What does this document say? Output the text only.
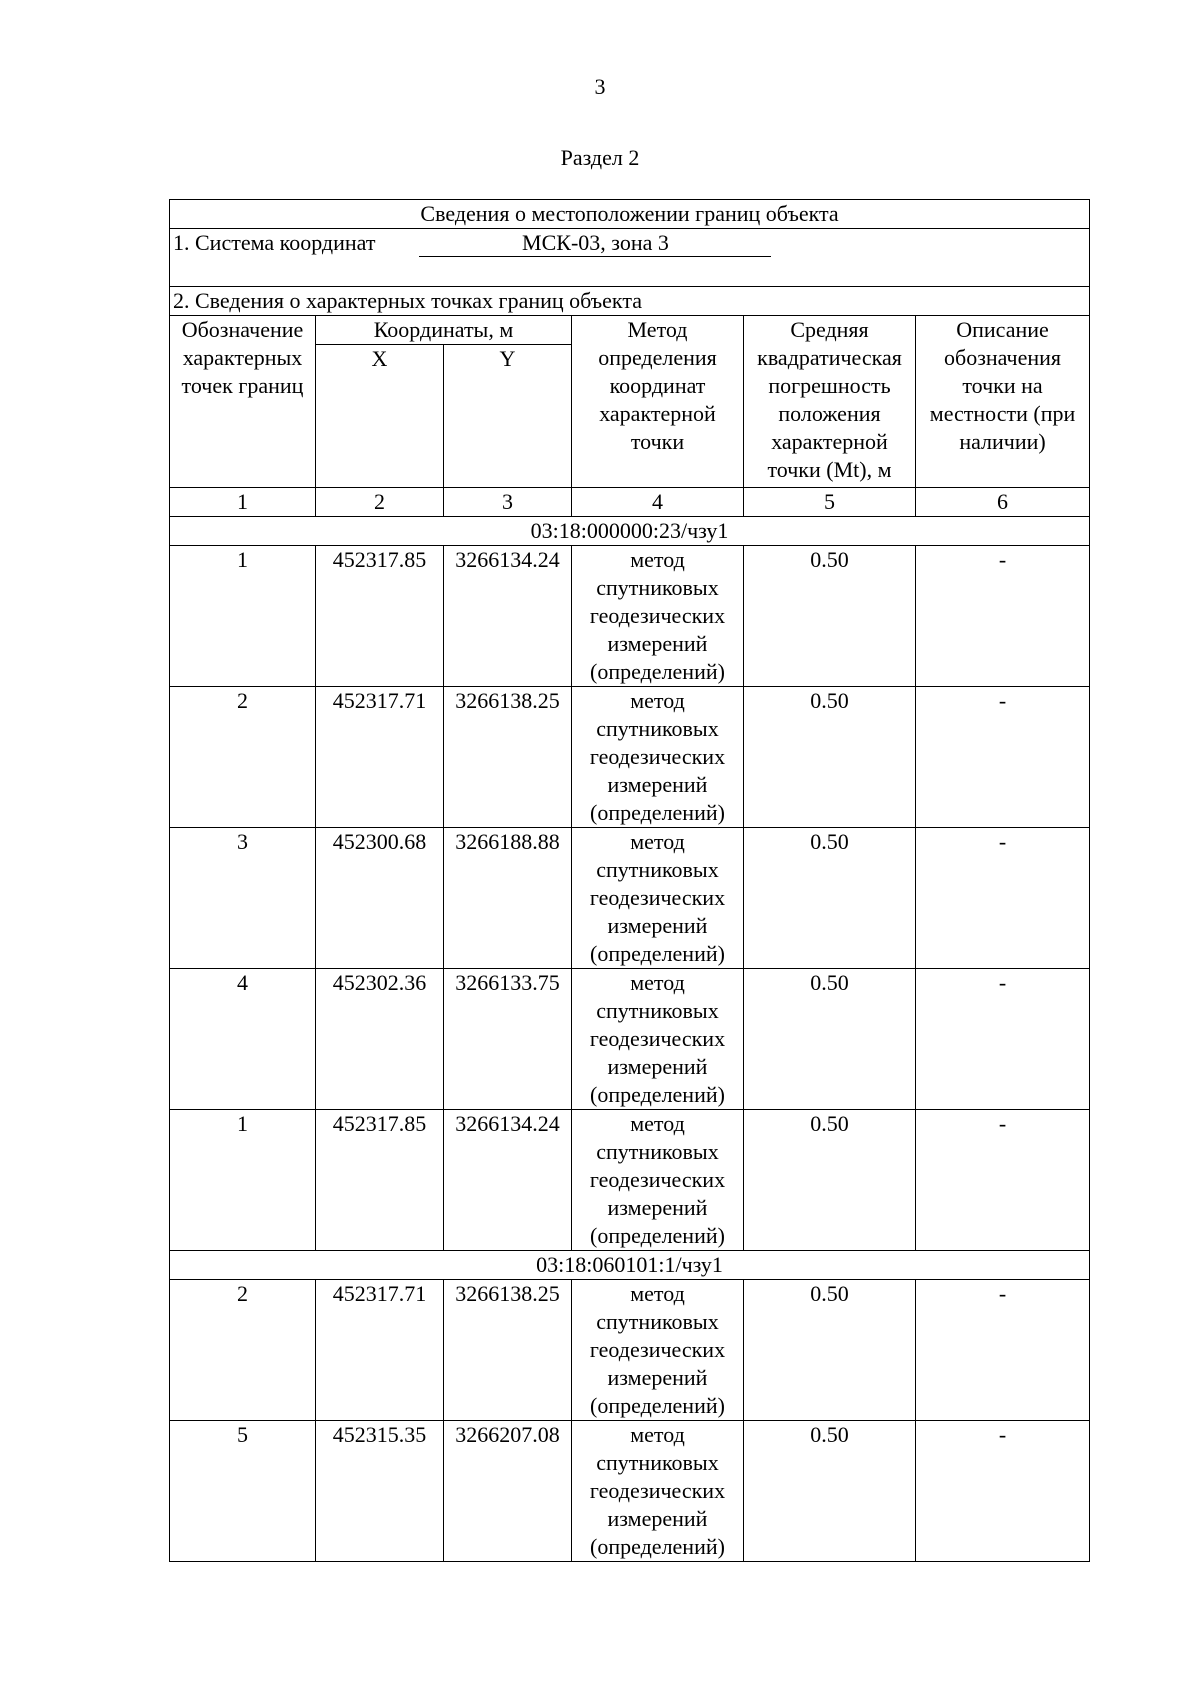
3
Раздел 2
Сведения о местоположении границ объекта					
1. Система координат МСК-03, зона 3					
2. Сведения о характерных точках границ объекта					
Обозначение характерных точек границ	Координаты, м		Метод определения координат характерной точки	Средняя квадратическая погрешность положения характерной точки (Mt), м	Описание обозначения точки на местности (при наличии)
	X	Y			
1	2	3	4	5	6
03:18:000000:23/чзу1					
1	452317.85	3266134.24	метод спутниковых геодезических измерений (определений)	0.50	-
2	452317.71	3266138.25	метод спутниковых геодезических измерений (определений)	0.50	-
3	452300.68	3266188.88	метод спутниковых геодезических измерений (определений)	0.50	-
4	452302.36	3266133.75	метод спутниковых геодезических измерений (определений)	0.50	-
1	452317.85	3266134.24	метод спутниковых геодезических измерений (определений)	0.50	-
03:18:060101:1/чзу1					
2	452317.71	3266138.25	метод спутниковых геодезических измерений (определений)	0.50	-
5	452315.35	3266207.08	метод спутниковых геодезических измерений (определений)	0.50	-
